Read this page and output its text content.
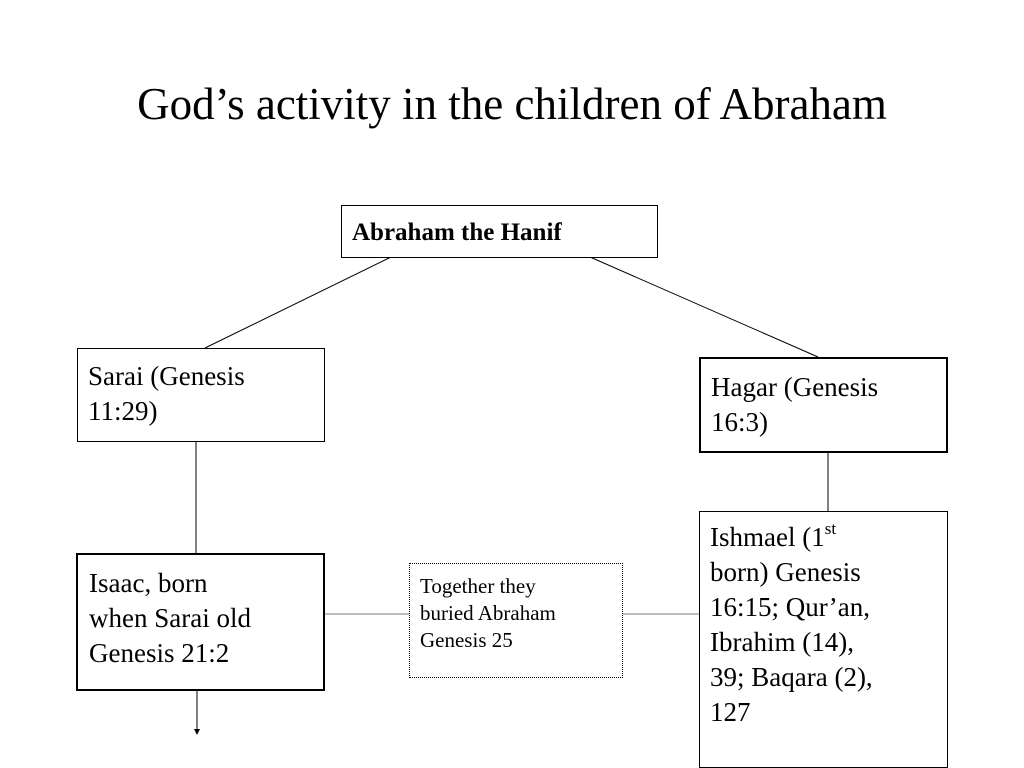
God’s activity in the children of Abraham
Abraham the Hanif
Sarai (Genesis
11:29)
Hagar (Genesis
16:3)
Isaac, born
when Sarai old
Genesis 21:2
Together they
buried Abraham
Genesis 25
Ishmael (1st
born) Genesis
16:15; Qur’an,
Ibrahim (14),
39; Baqara (2),
127
